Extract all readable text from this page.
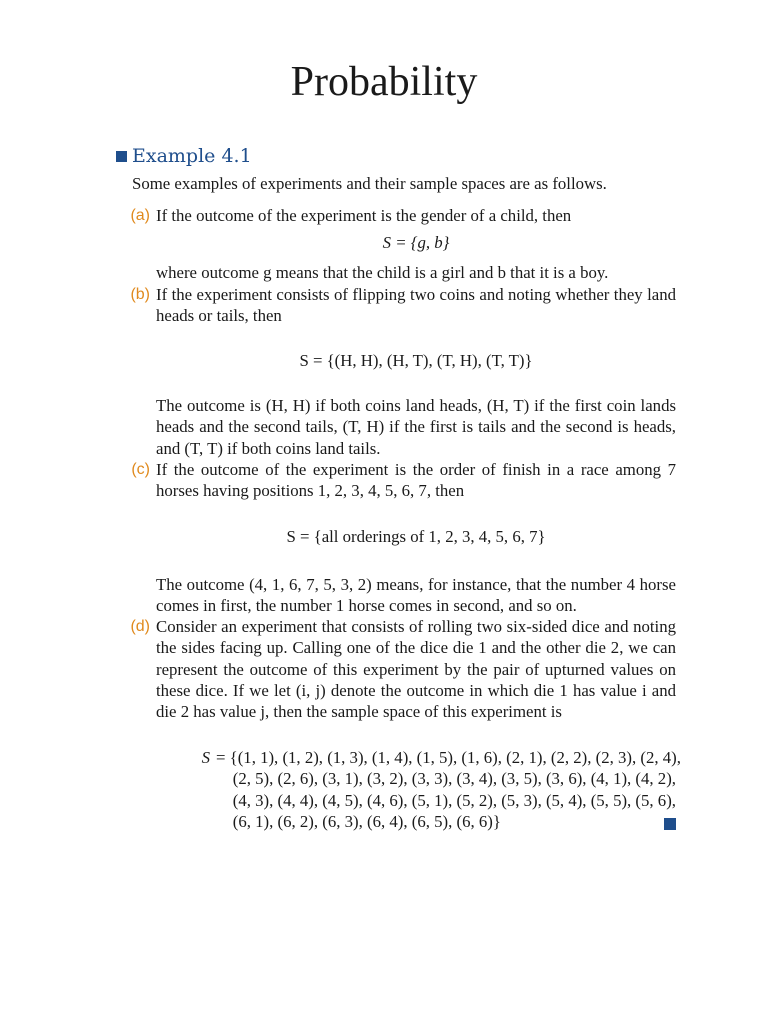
Probability
Example 4.1
Some examples of experiments and their sample spaces are as follows.
(a) If the outcome of the experiment is the gender of a child, then
S = {g, b}
where outcome g means that the child is a girl and b that it is a boy.
(b) If the experiment consists of flipping two coins and noting whether they land heads or tails, then
S = {(H, H), (H, T), (T, H), (T, T)}
The outcome is (H, H) if both coins land heads, (H, T) if the first coin lands heads and the second tails, (T, H) if the first is tails and the second is heads, and (T, T) if both coins land tails.
(c) If the outcome of the experiment is the order of finish in a race among 7 horses having positions 1, 2, 3, 4, 5, 6, 7, then
S = {all orderings of 1, 2, 3, 4, 5, 6, 7}
The outcome (4, 1, 6, 7, 5, 3, 2) means, for instance, that the number 4 horse comes in first, the number 1 horse comes in second, and so on.
(d) Consider an experiment that consists of rolling two six-sided dice and noting the sides facing up. Calling one of the dice die 1 and the other die 2, we can represent the outcome of this experiment by the pair of upturned values on these dice. If we let (i, j) denote the outcome in which die 1 has value i and die 2 has value j, then the sample space of this experiment is
S = {(1, 1), (1, 2), (1, 3), (1, 4), (1, 5), (1, 6), (2, 1), (2, 2), (2, 3), (2, 4),
(2, 5), (2, 6), (3, 1), (3, 2), (3, 3), (3, 4), (3, 5), (3, 6), (4, 1), (4, 2),
(4, 3), (4, 4), (4, 5), (4, 6), (5, 1), (5, 2), (5, 3), (5, 4), (5, 5), (5, 6),
(6, 1), (6, 2), (6, 3), (6, 4), (6, 5), (6, 6)}
